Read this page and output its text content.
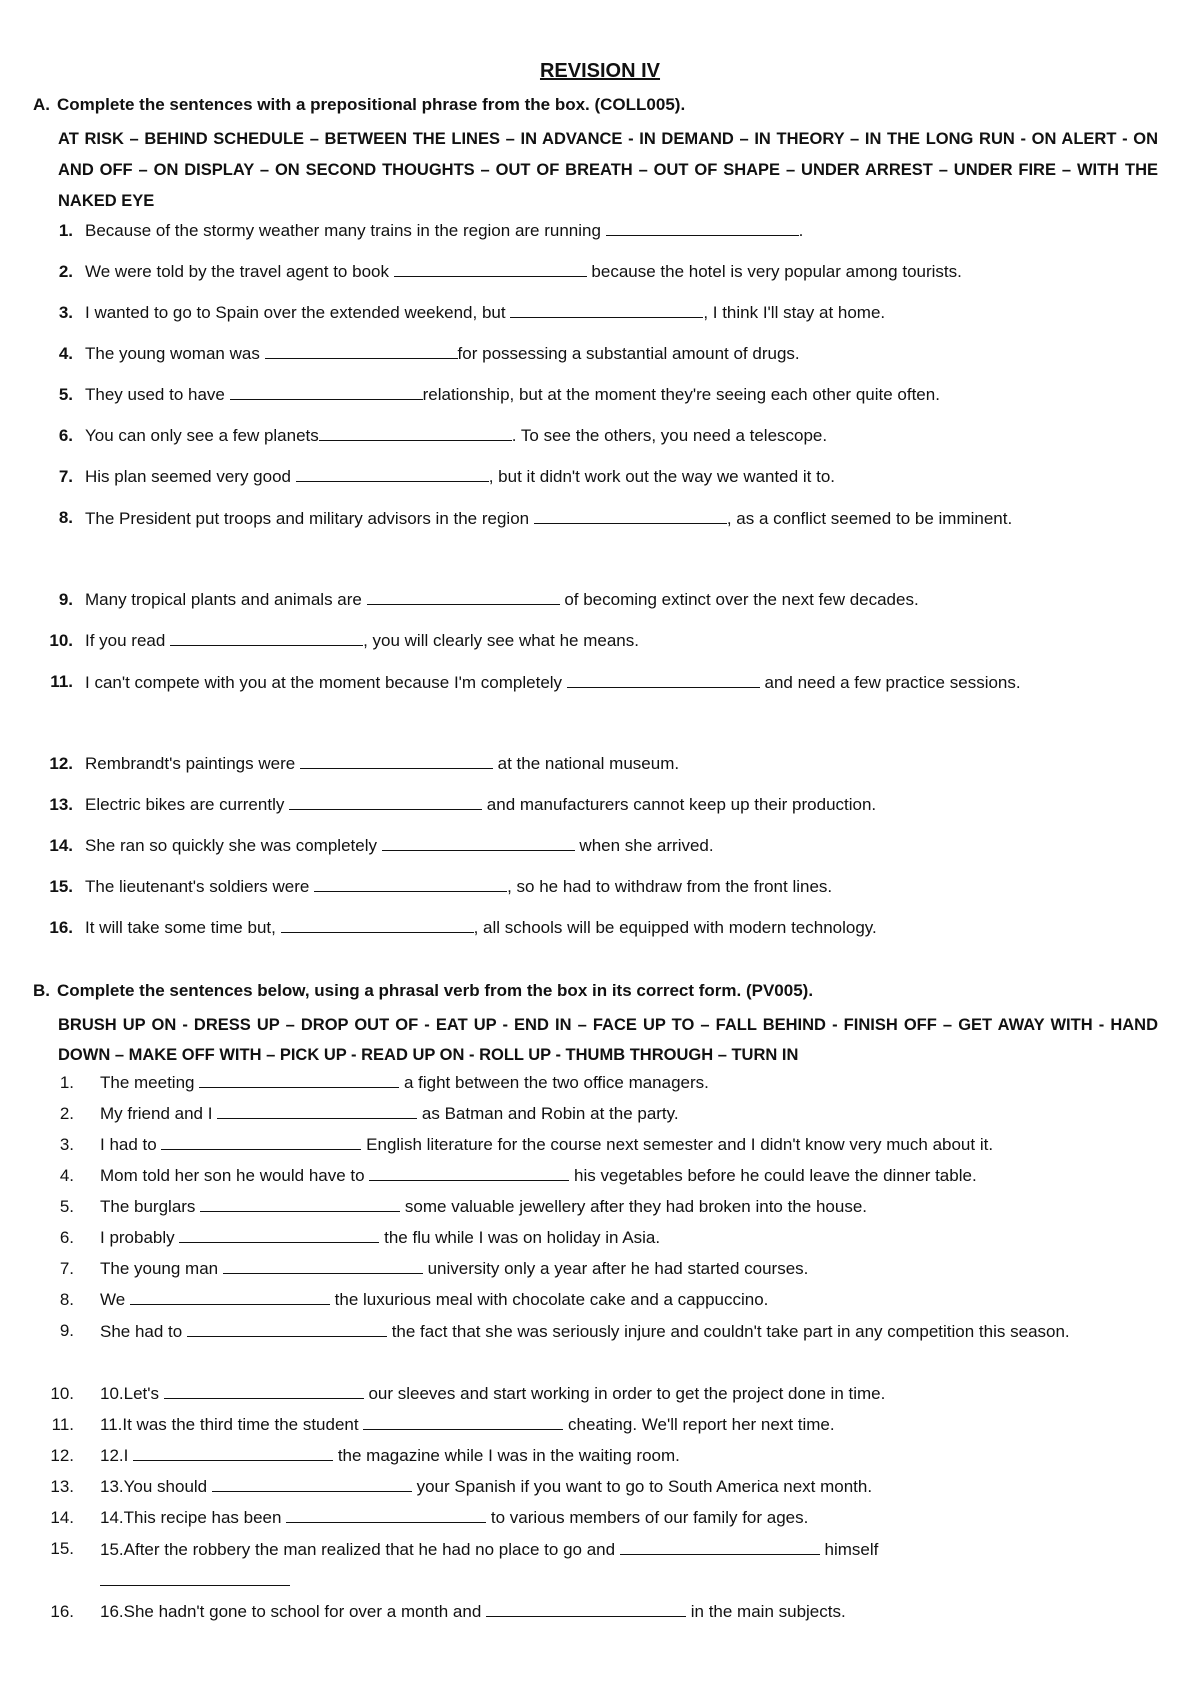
REVISION IV
A. Complete the sentences with a prepositional phrase from the box. (COLL005).
AT RISK – BEHIND SCHEDULE – BETWEEN THE LINES – IN ADVANCE - IN DEMAND – IN THEORY – IN THE LONG RUN - ON ALERT - ON AND OFF – ON DISPLAY – ON SECOND THOUGHTS – OUT OF BREATH – OUT OF SHAPE – UNDER ARREST – UNDER FIRE – WITH THE NAKED EYE
1. Because of the stormy weather many trains in the region are running	.
2. We were told by the travel agent to book	because the hotel is very popular among tourists.
3. I wanted to go to Spain over the extended weekend, but	, I think I'll stay at home.
4. The young woman was	for possessing a substantial amount of drugs.
5. They used to have	relationship, but at the moment they're seeing each other quite often.
6. You can only see a few planets	. To see the others, you need a telescope.
7. His plan seemed very good	, but it didn't work out the way we wanted it to.
8. The President put troops and military advisors in the region	, as a conflict seemed to be imminent.
9. Many tropical plants and animals are	of becoming extinct over the next few decades.
10. If you read	, you will clearly see what he means.
11. I can't compete with you at the moment because I'm completely	and need a few practice sessions.
12. Rembrandt's paintings were	at the national museum.
13. Electric bikes are currently	and manufacturers cannot keep up their production.
14. She ran so quickly she was completely	when she arrived.
15. The lieutenant's soldiers were	, so he had to withdraw from the front lines.
16. It will take some time but,	, all schools will be equipped with modern technology.
B. Complete the sentences below, using a phrasal verb from the box in its correct form. (PV005).
BRUSH UP ON - DRESS UP – DROP OUT OF - EAT UP - END IN – FACE UP TO – FALL BEHIND - FINISH OFF – GET AWAY WITH - HAND DOWN – MAKE OFF WITH – PICK UP - READ UP ON - ROLL UP - THUMB THROUGH – TURN IN
1. The meeting	a fight between the two office managers.
2. My friend and I	as Batman and Robin at the party.
3. I had to	English literature for the course next semester and I didn't know very much about it.
4. Mom told her son he would have to	his vegetables before he could leave the dinner table.
5. The burglars	some valuable jewellery after they had broken into the house.
6. I probably	the flu while I was on holiday in Asia.
7. The young man	university only a year after he had started courses.
8. We	the luxurious meal with chocolate cake and a cappuccino.
9. She had to	the fact that she was seriously injure and couldn't take part in any competition this season.
10. 10.Let's	our sleeves and start working in order to get the project done in time.
11. 11.It was the third time the student	cheating. We'll report her next time.
12. 12.I	the magazine while I was in the waiting room.
13. 13.You should	your Spanish if you want to go to South America next month.
14. 14.This recipe has been	to various members of our family for ages.
15. 15.After the robbery the man realized that he had no place to go and	himself

16. 16.She hadn't gone to school for over a month and	in the main subjects.
